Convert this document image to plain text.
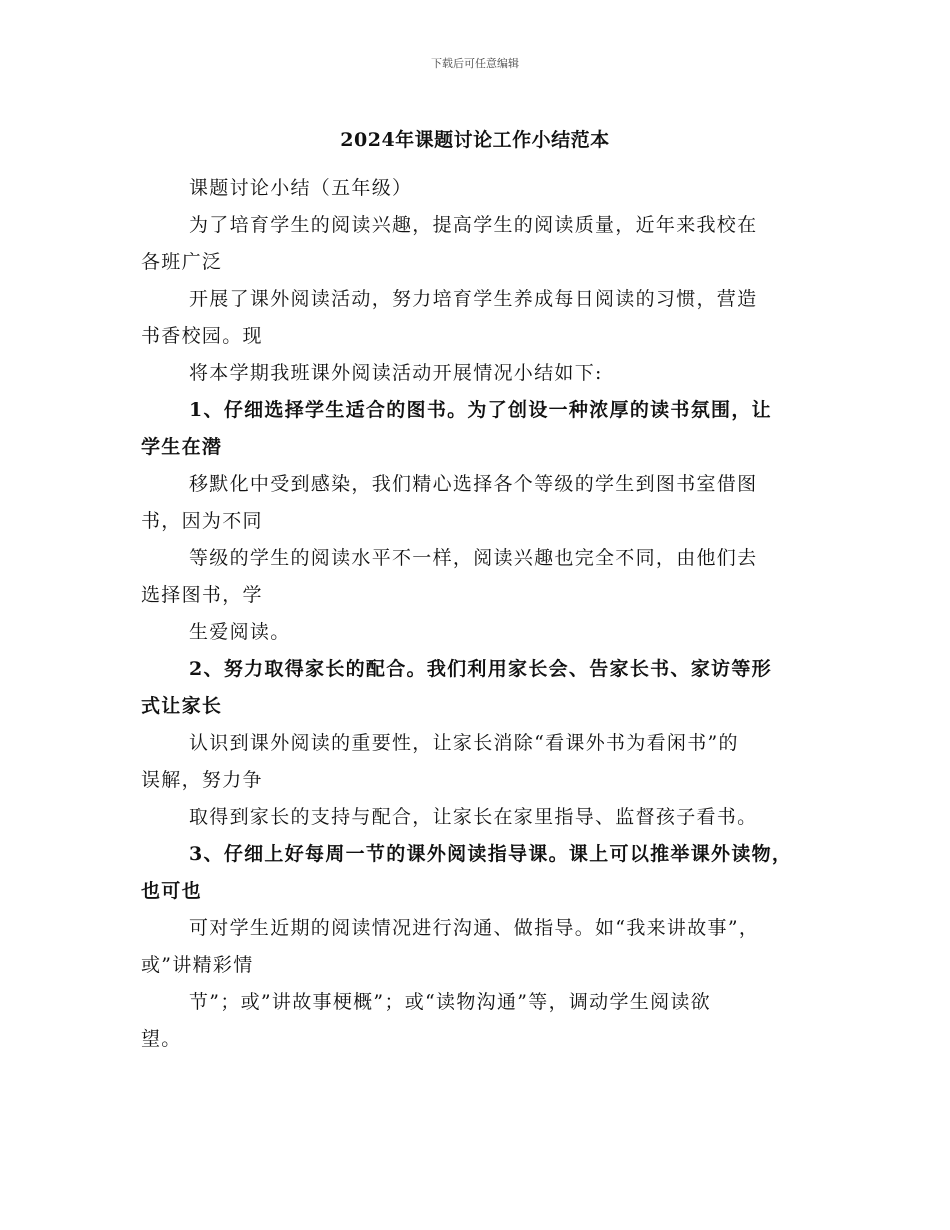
下载后可任意编辑
2024年课题讨论工作小结范本
课题讨论小结（五年级）
为了培育学生的阅读兴趣，提高学生的阅读质量，近年来我校在
各班广泛
开展了课外阅读活动，努力培育学生养成每日阅读的习惯，营造
书香校园。现
将本学期我班课外阅读活动开展情况小结如下:
1、仔细选择学生适合的图书。为了创设一种浓厚的读书氛围，让
学生在潜
移默化中受到感染，我们精心选择各个等级的学生到图书室借图
书，因为不同
等级的学生的阅读水平不一样，阅读兴趣也完全不同，由他们去
选择图书，学
生爱阅读。
2、努力取得家长的配合。我们利用家长会、告家长书、家访等形
式让家长
认识到课外阅读的重要性，让家长消除“看课外书为看闲书”的
误解，努力争
取得到家长的支持与配合，让家长在家里指导、监督孩子看书。
3、仔细上好每周一节的课外阅读指导课。课上可以推举课外读物，
也可也
可对学生近期的阅读情况进行沟通、做指导。如“我来讲故事”，
或”讲精彩情
节”；或”讲故事梗概”；或“读物沟通”等，调动学生阅读欲
望。
